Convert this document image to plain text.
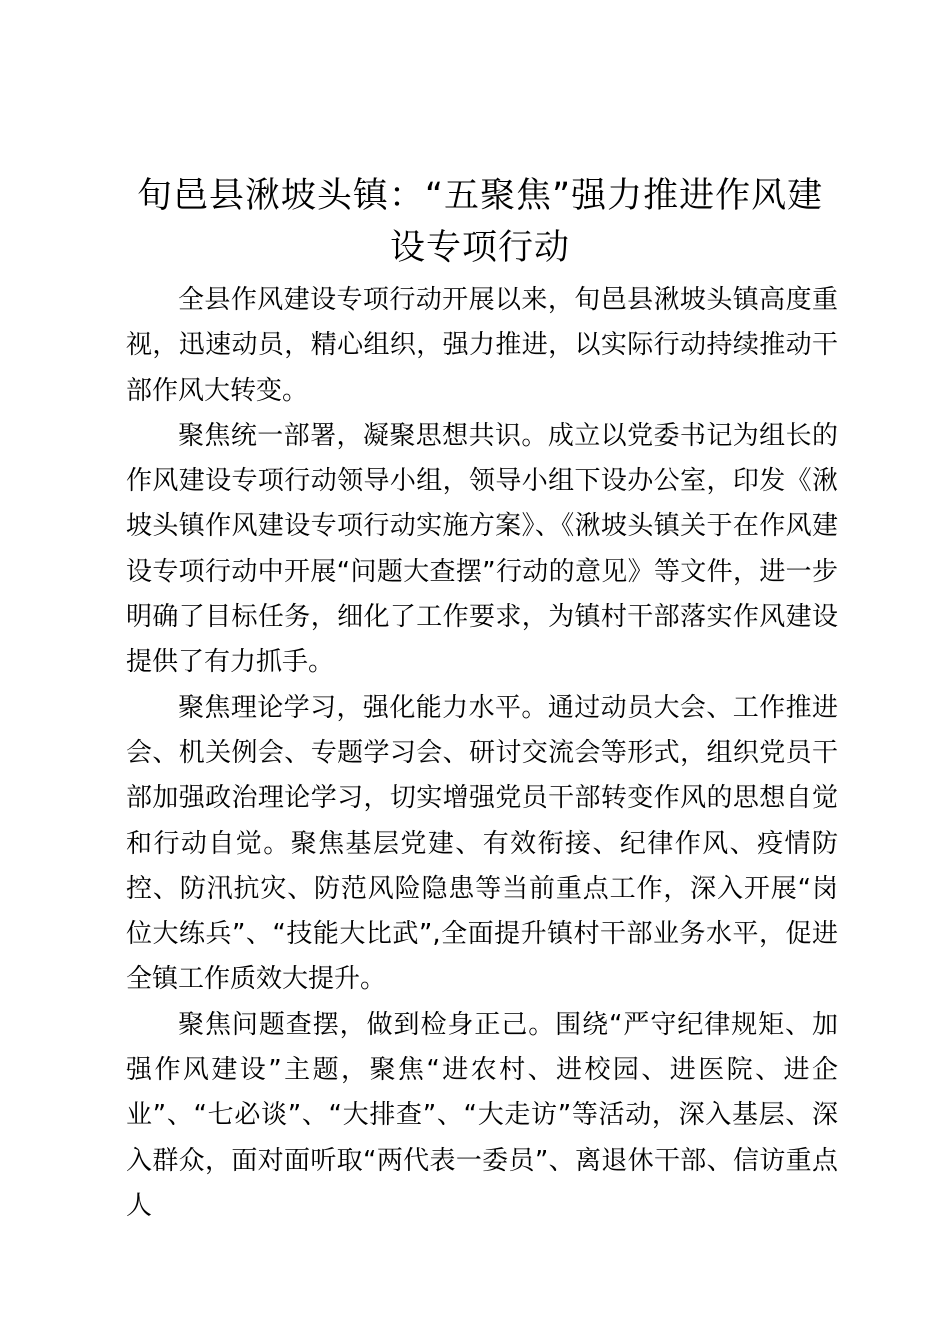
旬邑县湫坡头镇：“五聚焦”强力推进作风建设专项行动

全县作风建设专项行动开展以来，旬邑县湫坡头镇高度重视，迅速动员，精心组织，强力推进，以实际行动持续推动干部作风大转变。

聚焦统一部署，凝聚思想共识。成立以党委书记为组长的作风建设专项行动领导小组，领导小组下设办公室，印发《湫坡头镇作风建设专项行动实施方案》、《湫坡头镇关于在作风建设专项行动中开展“问题大查摆”行动的意见》等文件，进一步明确了目标任务，细化了工作要求，为镇村干部落实作风建设提供了有力抓手。

聚焦理论学习，强化能力水平。通过动员大会、工作推进会、机关例会、专题学习会、研讨交流会等形式，组织党员干部加强政治理论学习，切实增强党员干部转变作风的思想自觉和行动自觉。聚焦基层党建、有效衔接、纪律作风、疫情防控、防汛抗灾、防范风险隐患等当前重点工作，深入开展“岗位大练兵”、“技能大比武”,全面提升镇村干部业务水平，促进全镇工作质效大提升。

聚焦问题查摆，做到检身正己。围绕“严守纪律规矩、加强作风建设”主题，聚焦“进农村、进校园、进医院、进企业”、“七必谈”、“大排查”、“大走访”等活动，深入基层、深入群众，面对面听取“两代表一委员”、离退休干部、信访重点人
